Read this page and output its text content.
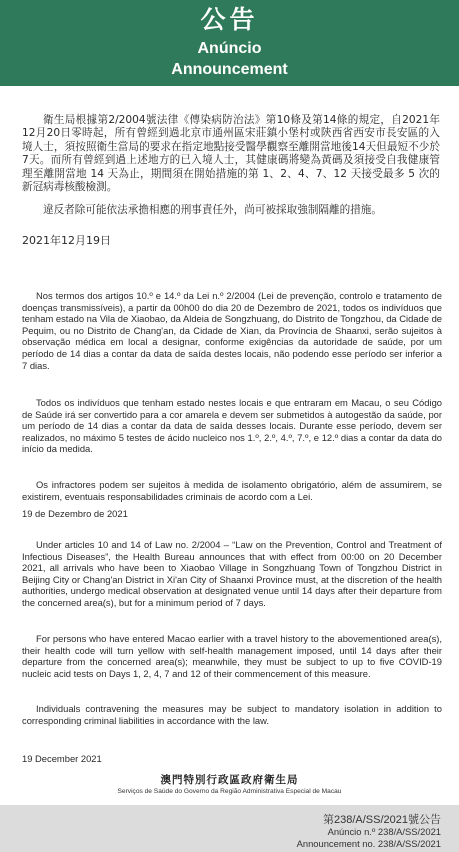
公告
Anúncio
Announcement

衛生局根據第2/2004號法律《傳染病防治法》第10條及第14條的規定，自2021年12月20日零時起，所有曾經到過北京市通州區宋莊鎮小堡村或陝西省西安市長安區的入境人士，須按照衛生當局的要求在指定地點接受醫學觀察至離開當地後14天但最短不少於7天。而所有曾經到過上述地方的已入境人士，其健康碼將變為黃碼及須接受自我健康管理至離開當地 14 天為止，期間須在開始措施的第 1、2、4、7、12 天接受最多 5 次的新冠病毒核酸檢測。

違反者除可能依法承擔相應的刑事責任外，尚可被採取強制隔離的措施。

2021年12月19日

Nos termos dos artigos 10.º e 14.º da Lei n.º 2/2004 (Lei de prevenção, controlo e tratamento de doenças transmissíveis), a partir da 00h00 do dia 20 de Dezembro de 2021, todos os indivíduos que tenham estado na Vila de Xiaobao, da Aldeia de Songzhuang, do Distrito de Tongzhou, da Cidade de Pequim, ou no Distrito de Chang'an, da Cidade de Xian, da Província de Shaanxi, serão sujeitos à observação médica em local a designar, conforme exigências da autoridade de saúde, por um período de 14 dias a contar da data de saída destes locais, não podendo esse período ser inferior a 7 dias.

Todos os indivíduos que tenham estado nestes locais e que entraram em Macau, o seu Código de Saúde irá ser convertido para a cor amarela e devem ser submetidos à autogestão da saúde, por um período de 14 dias a contar da data de saída desses locais. Durante esse período, devem ser realizados, no máximo 5 testes de ácido nucleico nos 1.º, 2.º, 4.º, 7.º, e 12.º dias a contar da data do início da medida.

Os infractores podem ser sujeitos à medida de isolamento obrigatório, além de assumirem, se existirem, eventuais responsabilidades criminais de acordo com a Lei.

19 de Dezembro de 2021

Under articles 10 and 14 of Law no. 2/2004 – “Law on the Prevention, Control and Treatment of Infectious Diseases”, the Health Bureau announces that with effect from 00:00 on 20 December 2021, all arrivals who have been to Xiaobao Village in Songzhuang Town of Tongzhou District in Beijing City or Chang'an District in Xi'an City of Shaanxi Province must, at the discretion of the health authorities, undergo medical observation at designated venue until 14 days after their departure from the concerned area(s), but for a minimum period of 7 days.

For persons who have entered Macao earlier with a travel history to the abovementioned area(s), their health code will turn yellow with self-health management imposed, until 14 days after their departure from the concerned area(s); meanwhile, they must be subject to up to five COVID-19 nucleic acid tests on Days 1, 2, 4, 7 and 12 of their commencement of this measure.

Individuals contravening the measures may be subject to mandatory isolation in addition to corresponding criminal liabilities in accordance with the law.

19 December 2021
澳門特別行政區政府衛生局
Serviços de Saúde do Governo da Região Administrativa Especial de Macau
第238/A/SS/2021號公告
Anúncio n.º 238/A/SS/2021
Announcement no. 238/A/SS/2021
